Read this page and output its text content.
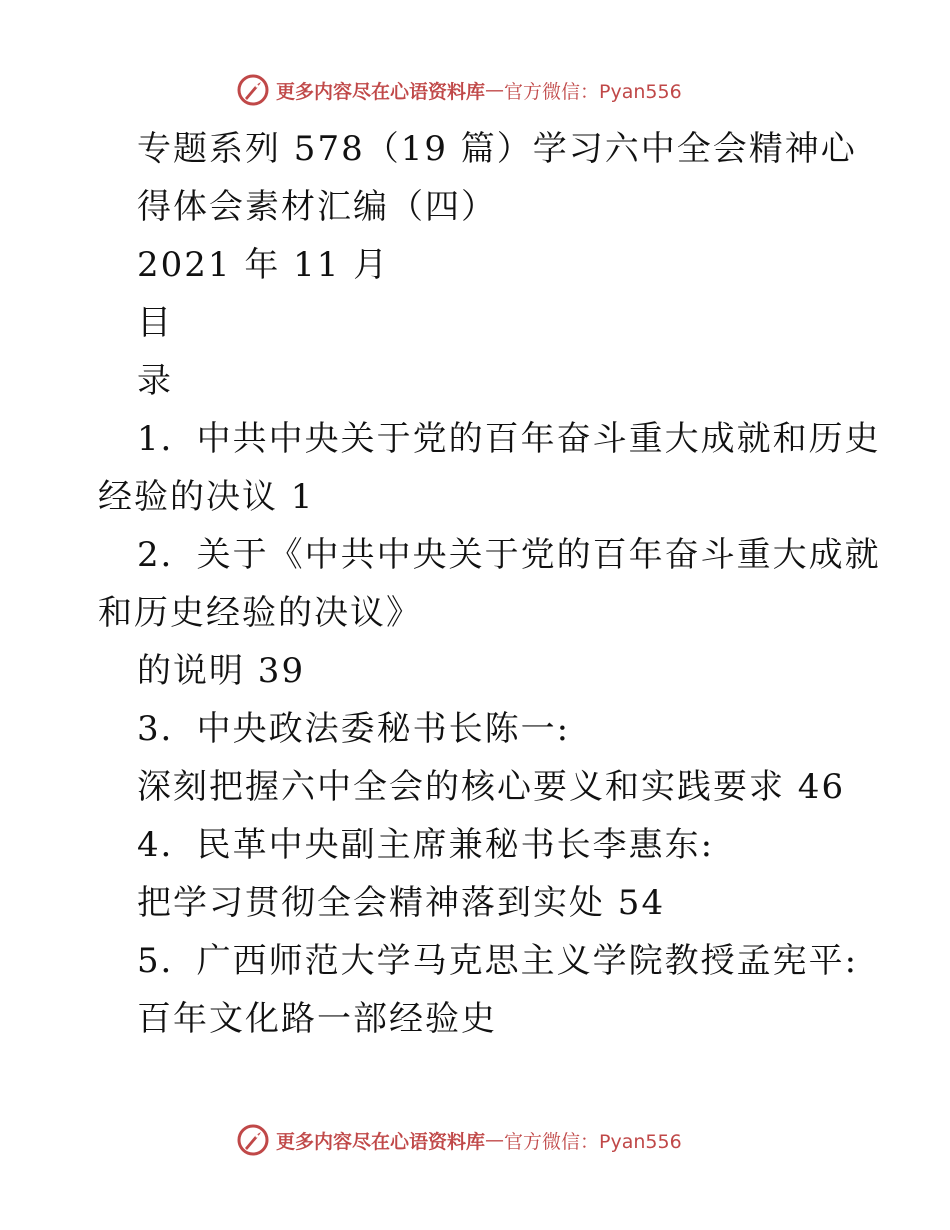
更多内容尽在心语资料库 — 官方微信：Pyan556
专题系列 578（19 篇）学习六中全会精神心
得体会素材汇编（四）
2021 年 11 月
目
录
1．中共中央关于党的百年奋斗重大成就和历史
经验的决议 1
2．关于《中共中央关于党的百年奋斗重大成就
和历史经验的决议》
的说明 39
3．中央政法委秘书长陈一:
深刻把握六中全会的核心要义和实践要求 46
4．民革中央副主席兼秘书长李惠东:
把学习贯彻全会精神落到实处 54
5．广西师范大学马克思主义学院教授孟宪平:
百年文化路一部经验史
更多内容尽在心语资料库 — 官方微信：Pyan556
